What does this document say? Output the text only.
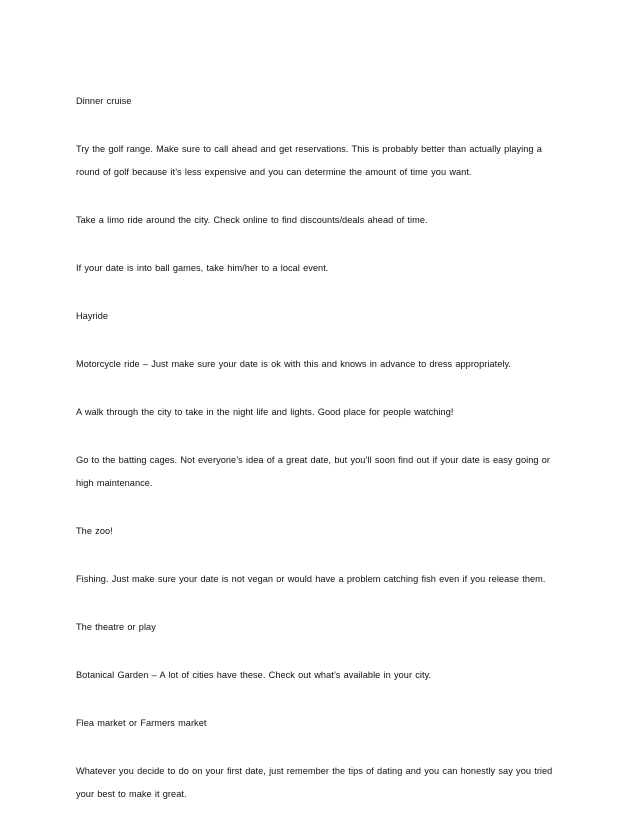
Dinner cruise

Try the golf range. Make sure to call ahead and get reservations. This is probably better than actually playing a round of golf because it’s less expensive and you can determine the amount of time you want.

Take a limo ride around the city. Check online to find discounts/deals ahead of time.

If your date is into ball games, take him/her to a local event.

Hayride

Motorcycle ride – Just make sure your date is ok with this and knows in advance to dress appropriately.

A walk through the city to take in the night life and lights. Good place for people watching!

Go to the batting cages. Not everyone’s idea of a great date, but you’ll soon find out if your date is easy going or high maintenance.

The zoo!

Fishing. Just make sure your date is not vegan or would have a problem catching fish even if you release them.

The theatre or play

Botanical Garden – A lot of cities have these. Check out what’s available in your city.

Flea market or Farmers market

Whatever you decide to do on your first date, just remember the tips of dating and you can honestly say you tried your best to make it great.
